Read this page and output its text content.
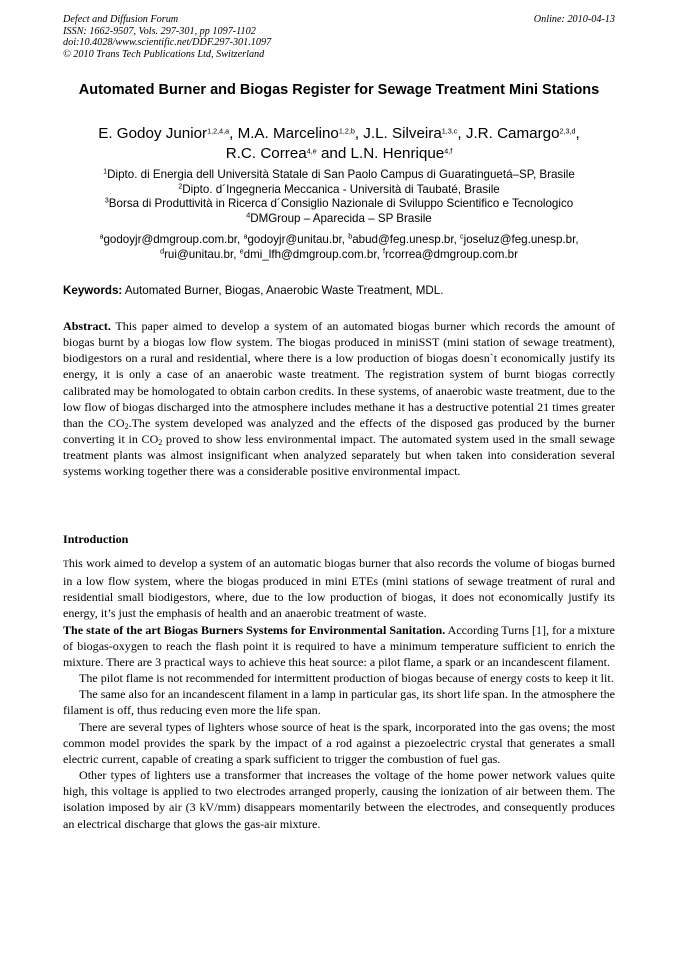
Defect and Diffusion Forum
ISSN: 1662-9507, Vols. 297-301, pp 1097-1102
doi:10.4028/www.scientific.net/DDF.297-301.1097
© 2010 Trans Tech Publications Ltd, Switzerland
Online: 2010-04-13
Automated Burner and Biogas Register for Sewage Treatment Mini Stations
E. Godoy Junior$^{1,2,4,a}$, M.A. Marcelino$^{1,2,b}$, J.L. Silveira$^{1,3,c}$, J.R. Camargo$^{2,3,d}$,
R.C. Correa$^{4,e}$ and L.N. Henrique$^{4,f}$
$^1$Dipto. di Energia dell Università Statale di San Paolo Campus di Guaratinguetá–SP, Brasile
$^2$Dipto. d´Ingegneria Meccanica - Università di Taubaté, Brasile
$^3$Borsa di Produttività in Ricerca d´Consiglio Nazionale di Sviluppo Scientifico e Tecnologico
$^4$DMGroup – Aparecida – SP Brasile
$^a$godoyjr@dmgroup.com.br, $^a$godoyjr@unitau.br, $^b$abud@feg.unesp.br, $^c$joseluz@feg.unesp.br,
$^d$rui@unitau.br, $^e$dmi_lfh@dmgroup.com.br, $^f$rcorrea@dmgroup.com.br
Keywords: Automated Burner, Biogas, Anaerobic Waste Treatment, MDL.

Abstract. This paper aimed to develop a system of an automated biogas burner which records the amount of biogas burnt by a biogas low flow system. The biogas produced in miniSST (mini station of sewage treatment), biodigestors on a rural and residential, where there is a low production of biogas doesn`t economically justify its energy, it is only a case of an anaerobic waste treatment. The registration system of burnt biogas correctly calibrated may be homologated to obtain carbon credits. In these systems, of anaerobic waste treatment, due to the low flow of biogas discharged into the atmosphere includes methane it has a destructive potential 21 times greater than the $CO_2.The$ system developed was analyzed and the effects of the disposed gas produced by the burner converting it in $CO_2$ proved to show less environmental impact. The automated system used in the small sewage treatment plants was almost insignificant when analyzed separately but when taken into consideration several systems working together there was a considerable positive environmental impact.

Introduction

This work aimed to develop a system of an automatic biogas burner that also records the volume of biogas burned in a low flow system, where the biogas produced in mini ETEs (mini stations of sewage treatment of rural and residential small biodigestors, where, due to the low production of biogas, it does not economically justify its energy, it’s just the emphasis of health and an anaerobic treatment of waste.

The state of the art Biogas Burners Systems for Environmental Sanitation. According Turns [1], for a mixture of biogas-oxygen to reach the flash point it is required to have a minimum temperature sufficient to enrich the mixture. There are 3 practical ways to achieve this heat source: a pilot flame, a spark or an incandescent filament.

The pilot flame is not recommended for intermittent production of biogas because of energy costs to keep it lit.

The same also for an incandescent filament in a lamp in particular gas, its short life span. In the atmosphere the filament is off, thus reducing even more the life span.

There are several types of lighters whose source of heat is the spark, incorporated into the gas ovens; the most common model provides the spark by the impact of a rod against a piezoelectric crystal that generates a small electric current, capable of creating a spark sufficient to trigger the combustion of fuel gas.

Other types of lighters use a transformer that increases the voltage of the home power network values quite high, this voltage is applied to two electrodes arranged properly, causing the ionization of air between them. The isolation imposed by air (3 kV/mm) disappears momentarily between the electrodes, and consequently produces an electrical discharge that glows the gas-air mixture.
